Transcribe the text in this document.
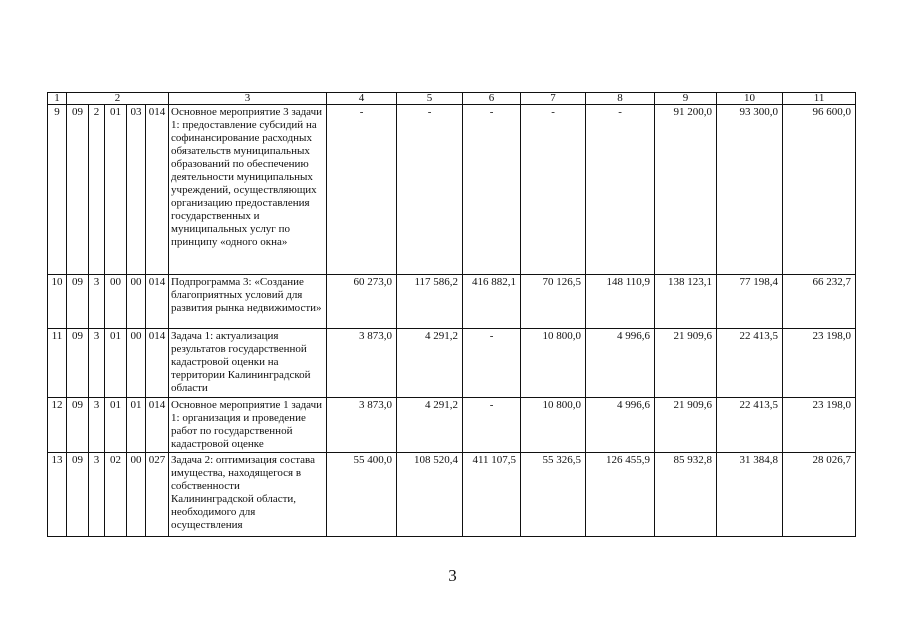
1	2					3	4	5	6	7	8	9	10	11
9	09	2	01	03	014	Основное мероприятие 3 задачи 1: предоставление субсидий на софинансирование расходных обязательств муниципальных образований по обеспечению деятельности муниципальных учреждений, осуществляющих организацию предоставления государственных и муниципальных услуг по принципу «одного окна»	-	-	-	-	-	91 200,0	93 300,0	96 600,0
10	09	3	00	00	014	Подпрограмма 3: «Создание благоприятных условий для развития рынка недвижимости»	60 273,0	117 586,2	416 882,1	70 126,5	148 110,9	138 123,1	77 198,4	66 232,7
11	09	3	01	00	014	Задача 1: актуализация результатов государственной кадастровой оценки на территории Калининградской области	3 873,0	4 291,2	-	10 800,0	4 996,6	21 909,6	22 413,5	23 198,0
12	09	3	01	01	014	Основное мероприятие 1 задачи 1: организация и проведение работ по государственной кадастровой оценке	3 873,0	4 291,2	-	10 800,0	4 996,6	21 909,6	22 413,5	23 198,0
13	09	3	02	00	027	Задача 2: оптимизация состава имущества, находящегося в собственности Калининградской области, необходимого для осуществления	55 400,0	108 520,4	411 107,5	55 326,5	126 455,9	85 932,8	31 384,8	28 026,7
3
